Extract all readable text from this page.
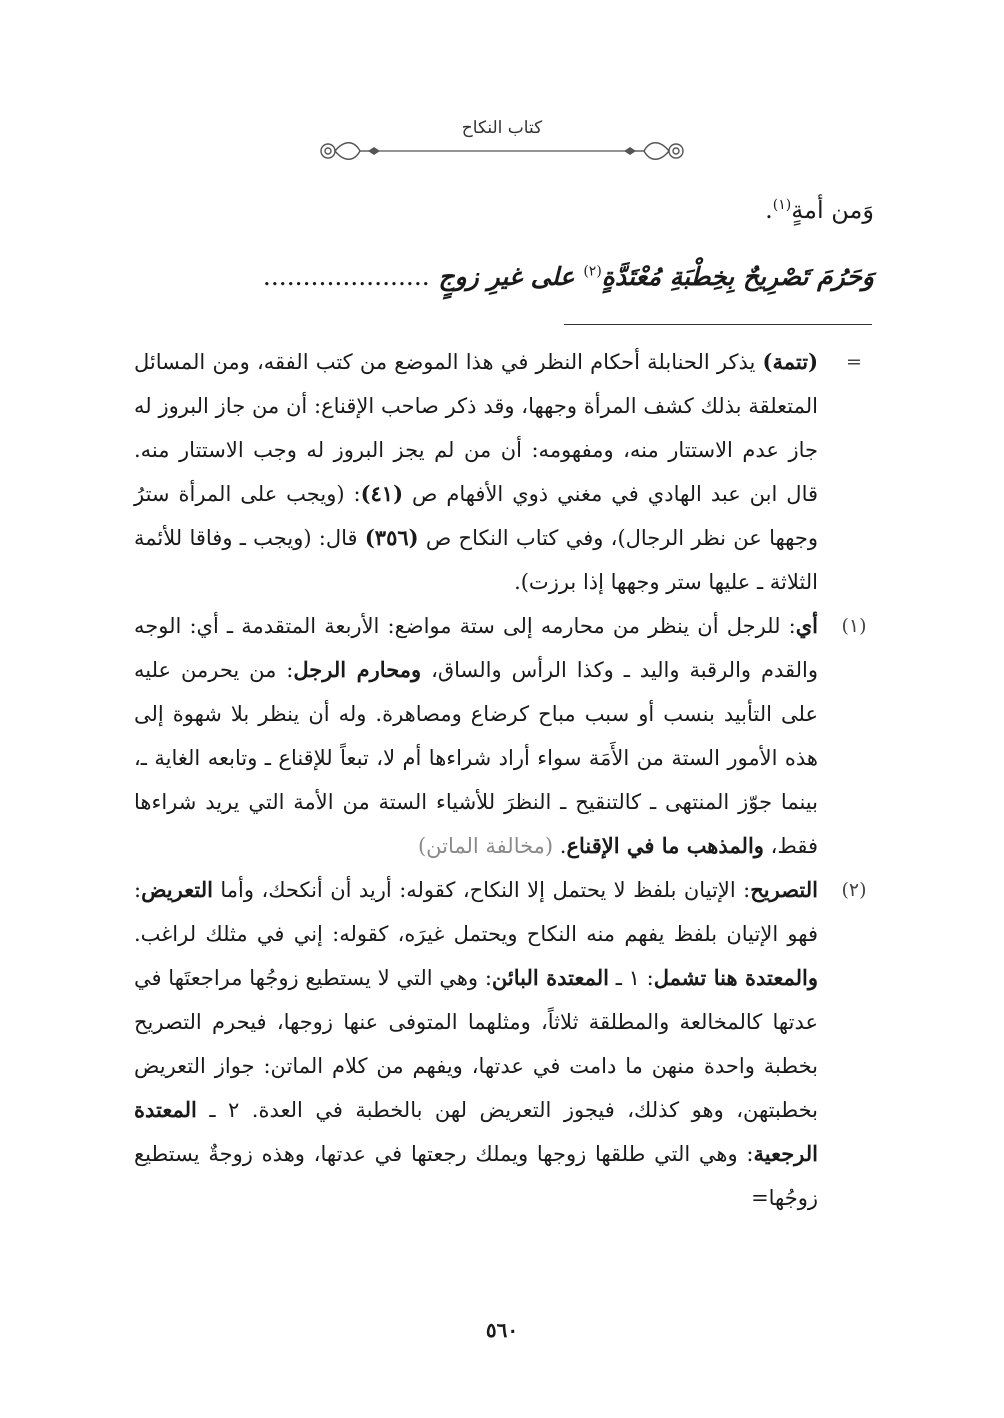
كتاب النكاح
وَمن أمةٍ$^{(١)}$.
وَحَرُمَ تَصْرِيحٌ بِخِطْبَةِ مُعْتَدَّةٍ$^{(٢)}$ على غيرِ زوجٍ .....................
=

(تتمة) يذكر الحنابلة أحكام النظر في هذا الموضع من كتب الفقه، ومن المسائل المتعلقة بذلك كشف المرأة وجهها، وقد ذكر صاحب الإقناع: أن من جاز البروز له جاز عدم الاستتار منه، ومفهومه: أن من لم يجز البروز له وجب الاستتار منه. قال ابن عبد الهادي في مغني ذوي الأفهام ص (٤١): (ويجب على المرأة سترُ وجهها عن نظر الرجال)، وفي كتاب النكاح ص (٣٥٦) قال: (ويجب ـ وفاقا للأئمة الثلاثة ـ عليها ستر وجهها إذا برزت).

(١)

أي: للرجل أن ينظر من محارمه إلى ستة مواضع: الأربعة المتقدمة ـ أي: الوجه والقدم والرقبة واليد ـ وكذا الرأس والساق، ومحارم الرجل: من يحرمن عليه على التأبيد بنسب أو سبب مباح كرضاع ومصاهرة. وله أن ينظر بلا شهوة إلى هذه الأمور الستة من الأَمَة سواء أراد شراءها أم لا، تبعاً للإقناع ـ وتابعه الغاية ـ، بينما جوّز المنتهى ـ كالتنقيح ـ النظرَ للأشياء الستة من الأمة التي يريد شراءها فقط، والمذهب ما في الإقناع. (مخالفة الماتن)

(٢)

التصريح: الإتيان بلفظ لا يحتمل إلا النكاح، كقوله: أريد أن أنكحك، وأما التعريض: فهو الإتيان بلفظ يفهم منه النكاح ويحتمل غيرَه، كقوله: إني في مثلك لراغب. والمعتدة هنا تشمل: ١ ـ المعتدة البائن: وهي التي لا يستطيع زوجُها مراجعتَها في عدتها كالمخالعة والمطلقة ثلاثاً، ومثلهما المتوفى عنها زوجها، فيحرم التصريح بخطبة واحدة منهن ما دامت في عدتها، ويفهم من كلام الماتن: جواز التعريض بخطبتهن، وهو كذلك، فيجوز التعريض لهن بالخطبة في العدة. ٢ ـ المعتدة الرجعية: وهي التي طلقها زوجها ويملك رجعتها في عدتها، وهذه زوجةٌ يستطيع زوجُها=

٥٦٠
